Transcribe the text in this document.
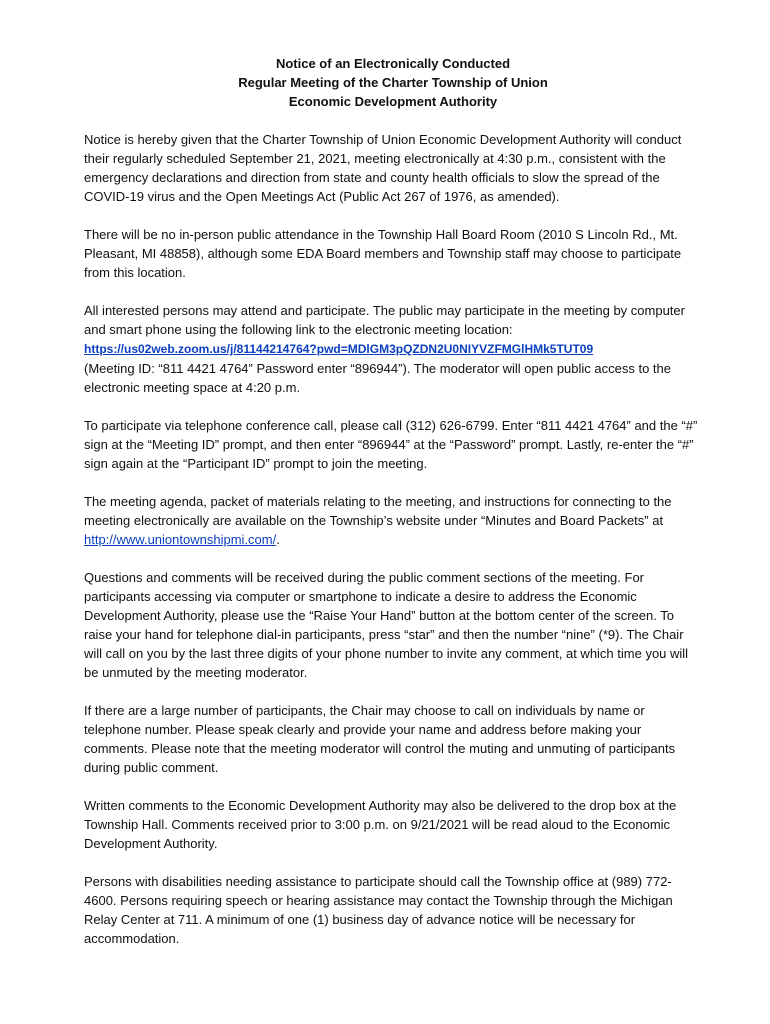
Notice of an Electronically Conducted
Regular Meeting of the Charter Township of Union
Economic Development Authority

Notice is hereby given that the Charter Township of Union Economic Development Authority will conduct their regularly scheduled September 21, 2021, meeting electronically at 4:30 p.m., consistent with the emergency declarations and direction from state and county health officials to slow the spread of the COVID-19 virus and the Open Meetings Act (Public Act 267 of 1976, as amended).

There will be no in-person public attendance in the Township Hall Board Room (2010 S Lincoln Rd., Mt. Pleasant, MI 48858), although some EDA Board members and Township staff may choose to participate from this location.

All interested persons may attend and participate. The public may participate in the meeting by computer and smart phone using the following link to the electronic meeting location:
https://us02web.zoom.us/j/81144214764?pwd=MDlGM3pQZDN2U0NIYVZFMGlHMk5TUT09
(Meeting ID: “811 4421 4764” Password enter “896944”). The moderator will open public access to the electronic meeting space at 4:20 p.m.

To participate via telephone conference call, please call (312) 626-6799. Enter “811 4421 4764” and the “#” sign at the “Meeting ID” prompt, and then enter “896944” at the “Password” prompt. Lastly, re-enter the “#” sign again at the “Participant ID” prompt to join the meeting.

The meeting agenda, packet of materials relating to the meeting, and instructions for connecting to the meeting electronically are available on the Township’s website under “Minutes and Board Packets” at http://www.uniontownshipmi.com/.

Questions and comments will be received during the public comment sections of the meeting. For participants accessing via computer or smartphone to indicate a desire to address the Economic Development Authority, please use the “Raise Your Hand” button at the bottom center of the screen. To raise your hand for telephone dial-in participants, press “star” and then the number “nine” (*9). The Chair will call on you by the last three digits of your phone number to invite any comment, at which time you will be unmuted by the meeting moderator.

If there are a large number of participants, the Chair may choose to call on individuals by name or telephone number. Please speak clearly and provide your name and address before making your comments. Please note that the meeting moderator will control the muting and unmuting of participants during public comment.

Written comments to the Economic Development Authority may also be delivered to the drop box at the Township Hall. Comments received prior to 3:00 p.m. on 9/21/2021 will be read aloud to the Economic Development Authority.

Persons with disabilities needing assistance to participate should call the Township office at (989) 772-4600. Persons requiring speech or hearing assistance may contact the Township through the Michigan Relay Center at 711. A minimum of one (1) business day of advance notice will be necessary for accommodation.
